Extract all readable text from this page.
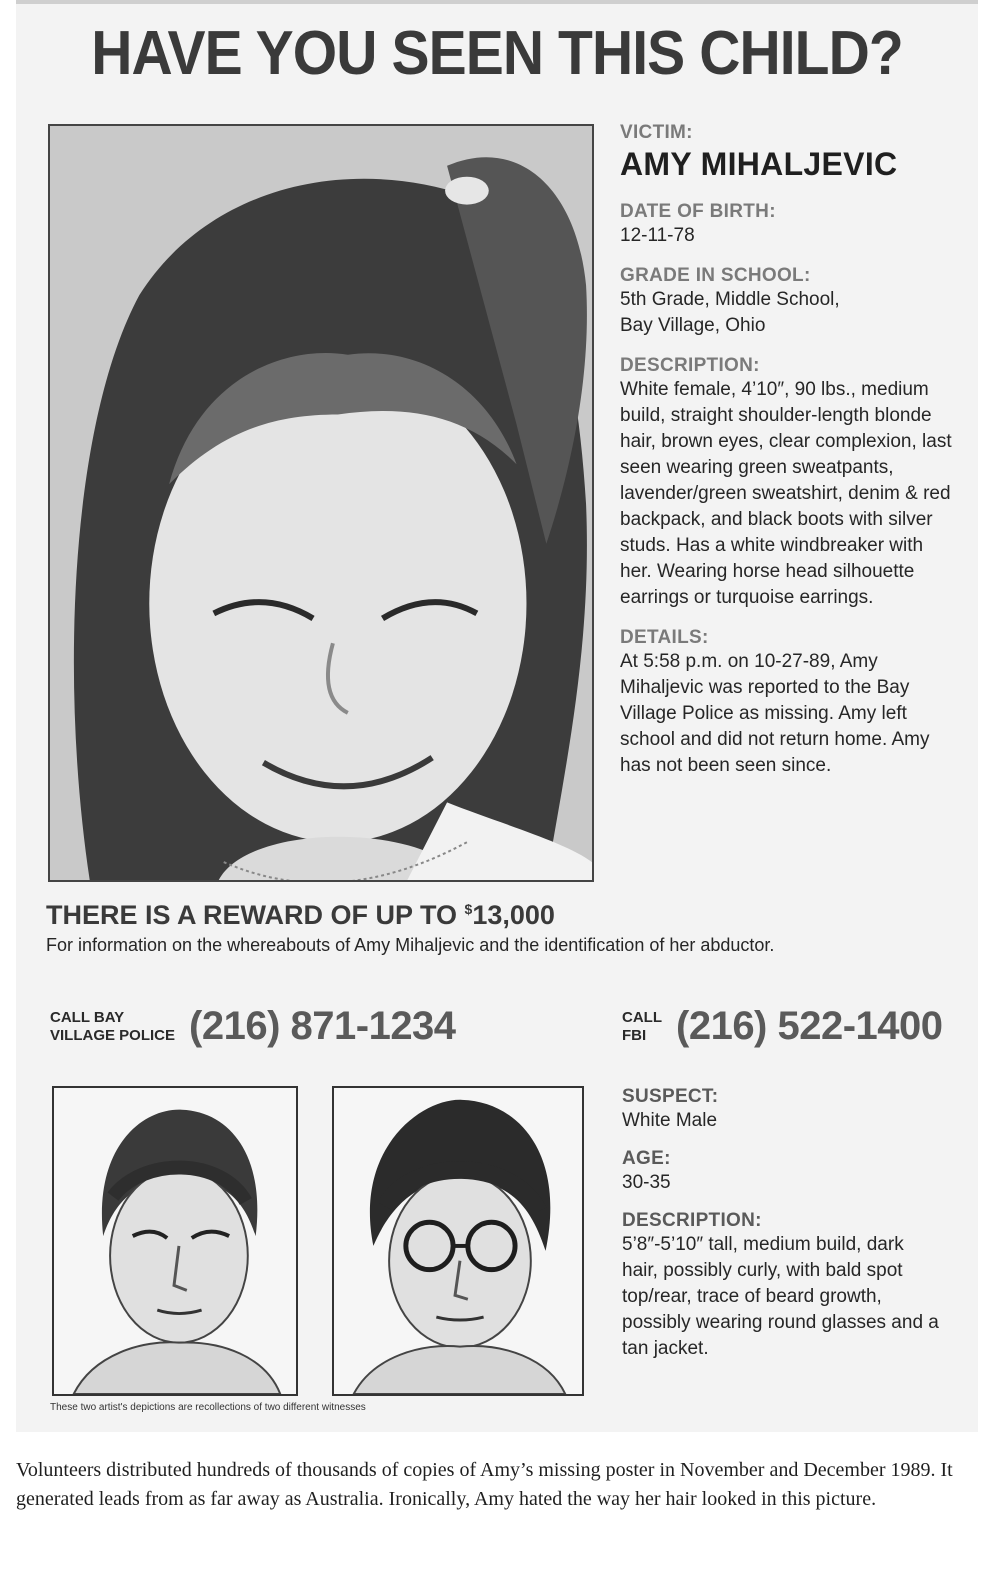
HAVE YOU SEEN THIS CHILD?

VICTIM:

AMY MIHALJEVIC

DATE OF BIRTH:

12-11-78

GRADE IN SCHOOL:

5th Grade, Middle School,
Bay Village, Ohio

DESCRIPTION:

White female, 4’10″, 90 lbs., medium build, straight shoulder-length blonde hair, brown eyes, clear complexion, last seen wearing green sweatpants, lavender/green sweatshirt, denim & red backpack, and black boots with silver studs. Has a white windbreaker with her. Wearing horse head silhouette earrings or turquoise earrings.

DETAILS:

At 5:58 p.m. on 10-27-89, Amy Mihaljevic was reported to the Bay Village Police as missing. Amy left school and did not return home. Amy has not been seen since.

THERE IS A REWARD OF UP TO $13,000

For information on the whereabouts of Amy Mihaljevic and the identification of her abductor.

CALL BAY
VILLAGE POLICE (216) 871-1234	CALL
FBI (216) 522-1400
These two artist's depictions are recollections of two different witnesses

SUSPECT:

White Male

AGE:

30-35

DESCRIPTION:

5’8″-5’10″ tall, medium build, dark hair, possibly curly, with bald spot top/rear, trace of beard growth, possibly wearing round glasses and a tan jacket.

Volunteers distributed hundreds of thousands of copies of Amy’s missing poster in November and December 1989. It generated leads from as far away as Australia. Ironically, Amy hated the way her hair looked in this picture.
